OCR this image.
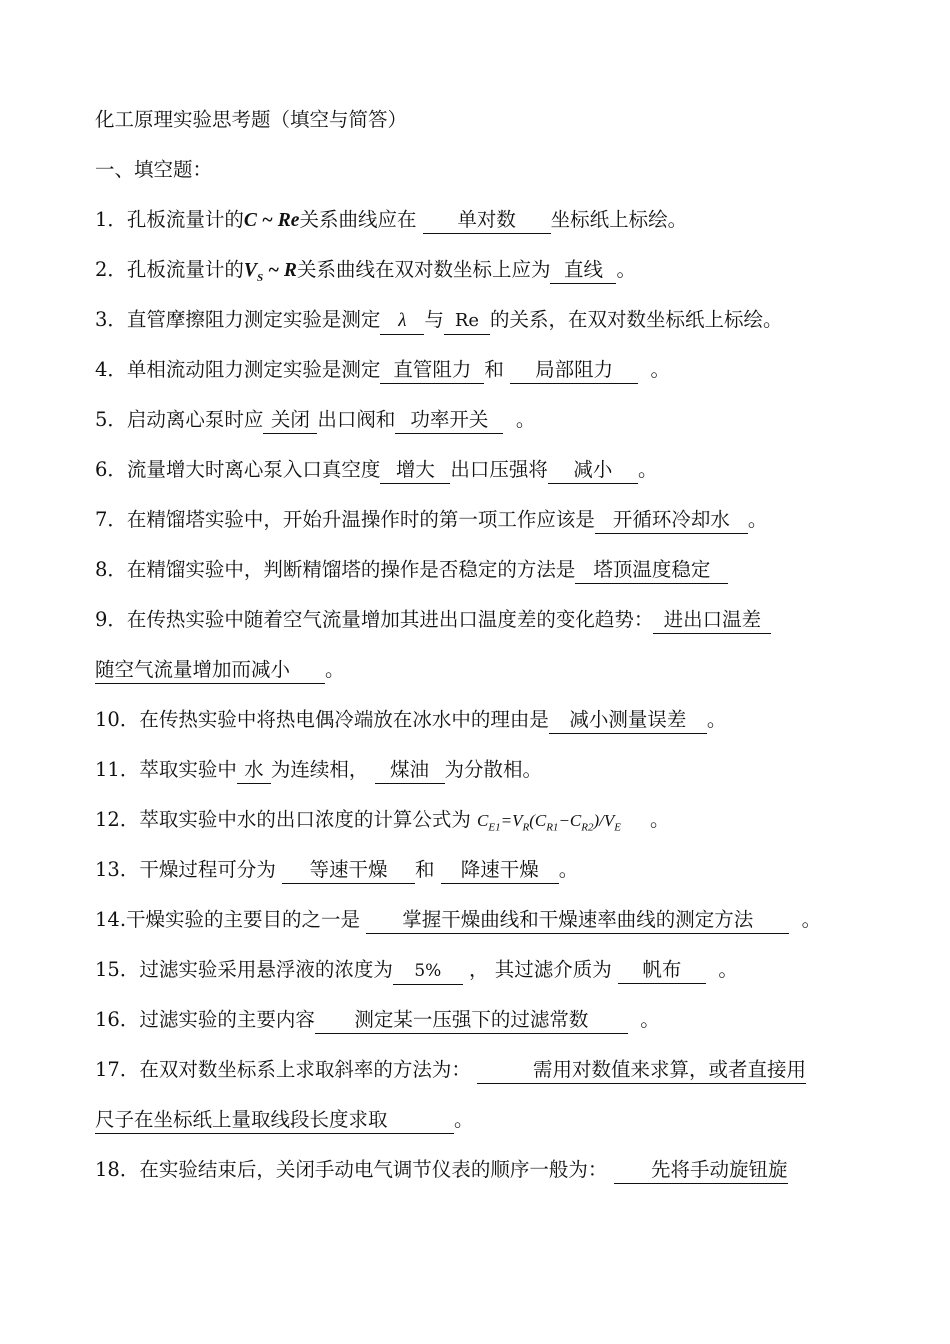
化工原理实验思考题（填空与简答）
一、填空题：
1．孔板流量计的C ~ Re关系曲线应在 单对数 坐标纸上标绘。
2．孔板流量计的$V_S$ ~ R关系曲线在双对数坐标上应为 直线 。
3．直管摩擦阻力测定实验是测定 λ 与 Re 的关系，在双对数坐标纸上标绘。
4．单相流动阻力测定实验是测定 直管阻力 和 局部阻力 。
5．启动离心泵时应 关闭 出口阀和 功率开关 。
6．流量增大时离心泵入口真空度 增大 出口压强将 减小 。
7．在精馏塔实验中，开始升温操作时的第一项工作应该是 开循环冷却水 。
8．在精馏实验中，判断精馏塔的操作是否稳定的方法是 塔顶温度稳定
9．在传热实验中随着空气流量增加其进出口温度差的变化趋势： 进出口温差
随空气流量增加而减小 。
10．在传热实验中将热电偶冷端放在冰水中的理由是 减小测量误差 。
11．萃取实验中 水 为连续相， 煤油 为分散相。
12．萃取实验中水的出口浓度的计算公式为 $C_{E1}=V_R(C_{R1}-C_{R2})/V_E$ 。
13．干燥过程可分为 等速干燥 和 降速干燥 。
14.干燥实验的主要目的之一是 掌握干燥曲线和干燥速率曲线的测定方法 。
15．过滤实验采用悬浮液的浓度为 5% ， 其过滤介质为 帆布 。
16．过滤实验的主要内容 测定某一压强下的过滤常数	。
17．在双对数坐标系上求取斜率的方法为：	需用对数值来求算，或者直接用
尺子在坐标纸上量取线段长度求取	。
18．在实验结束后，关闭手动电气调节仪表的顺序一般为： 先将手动旋钮旋
